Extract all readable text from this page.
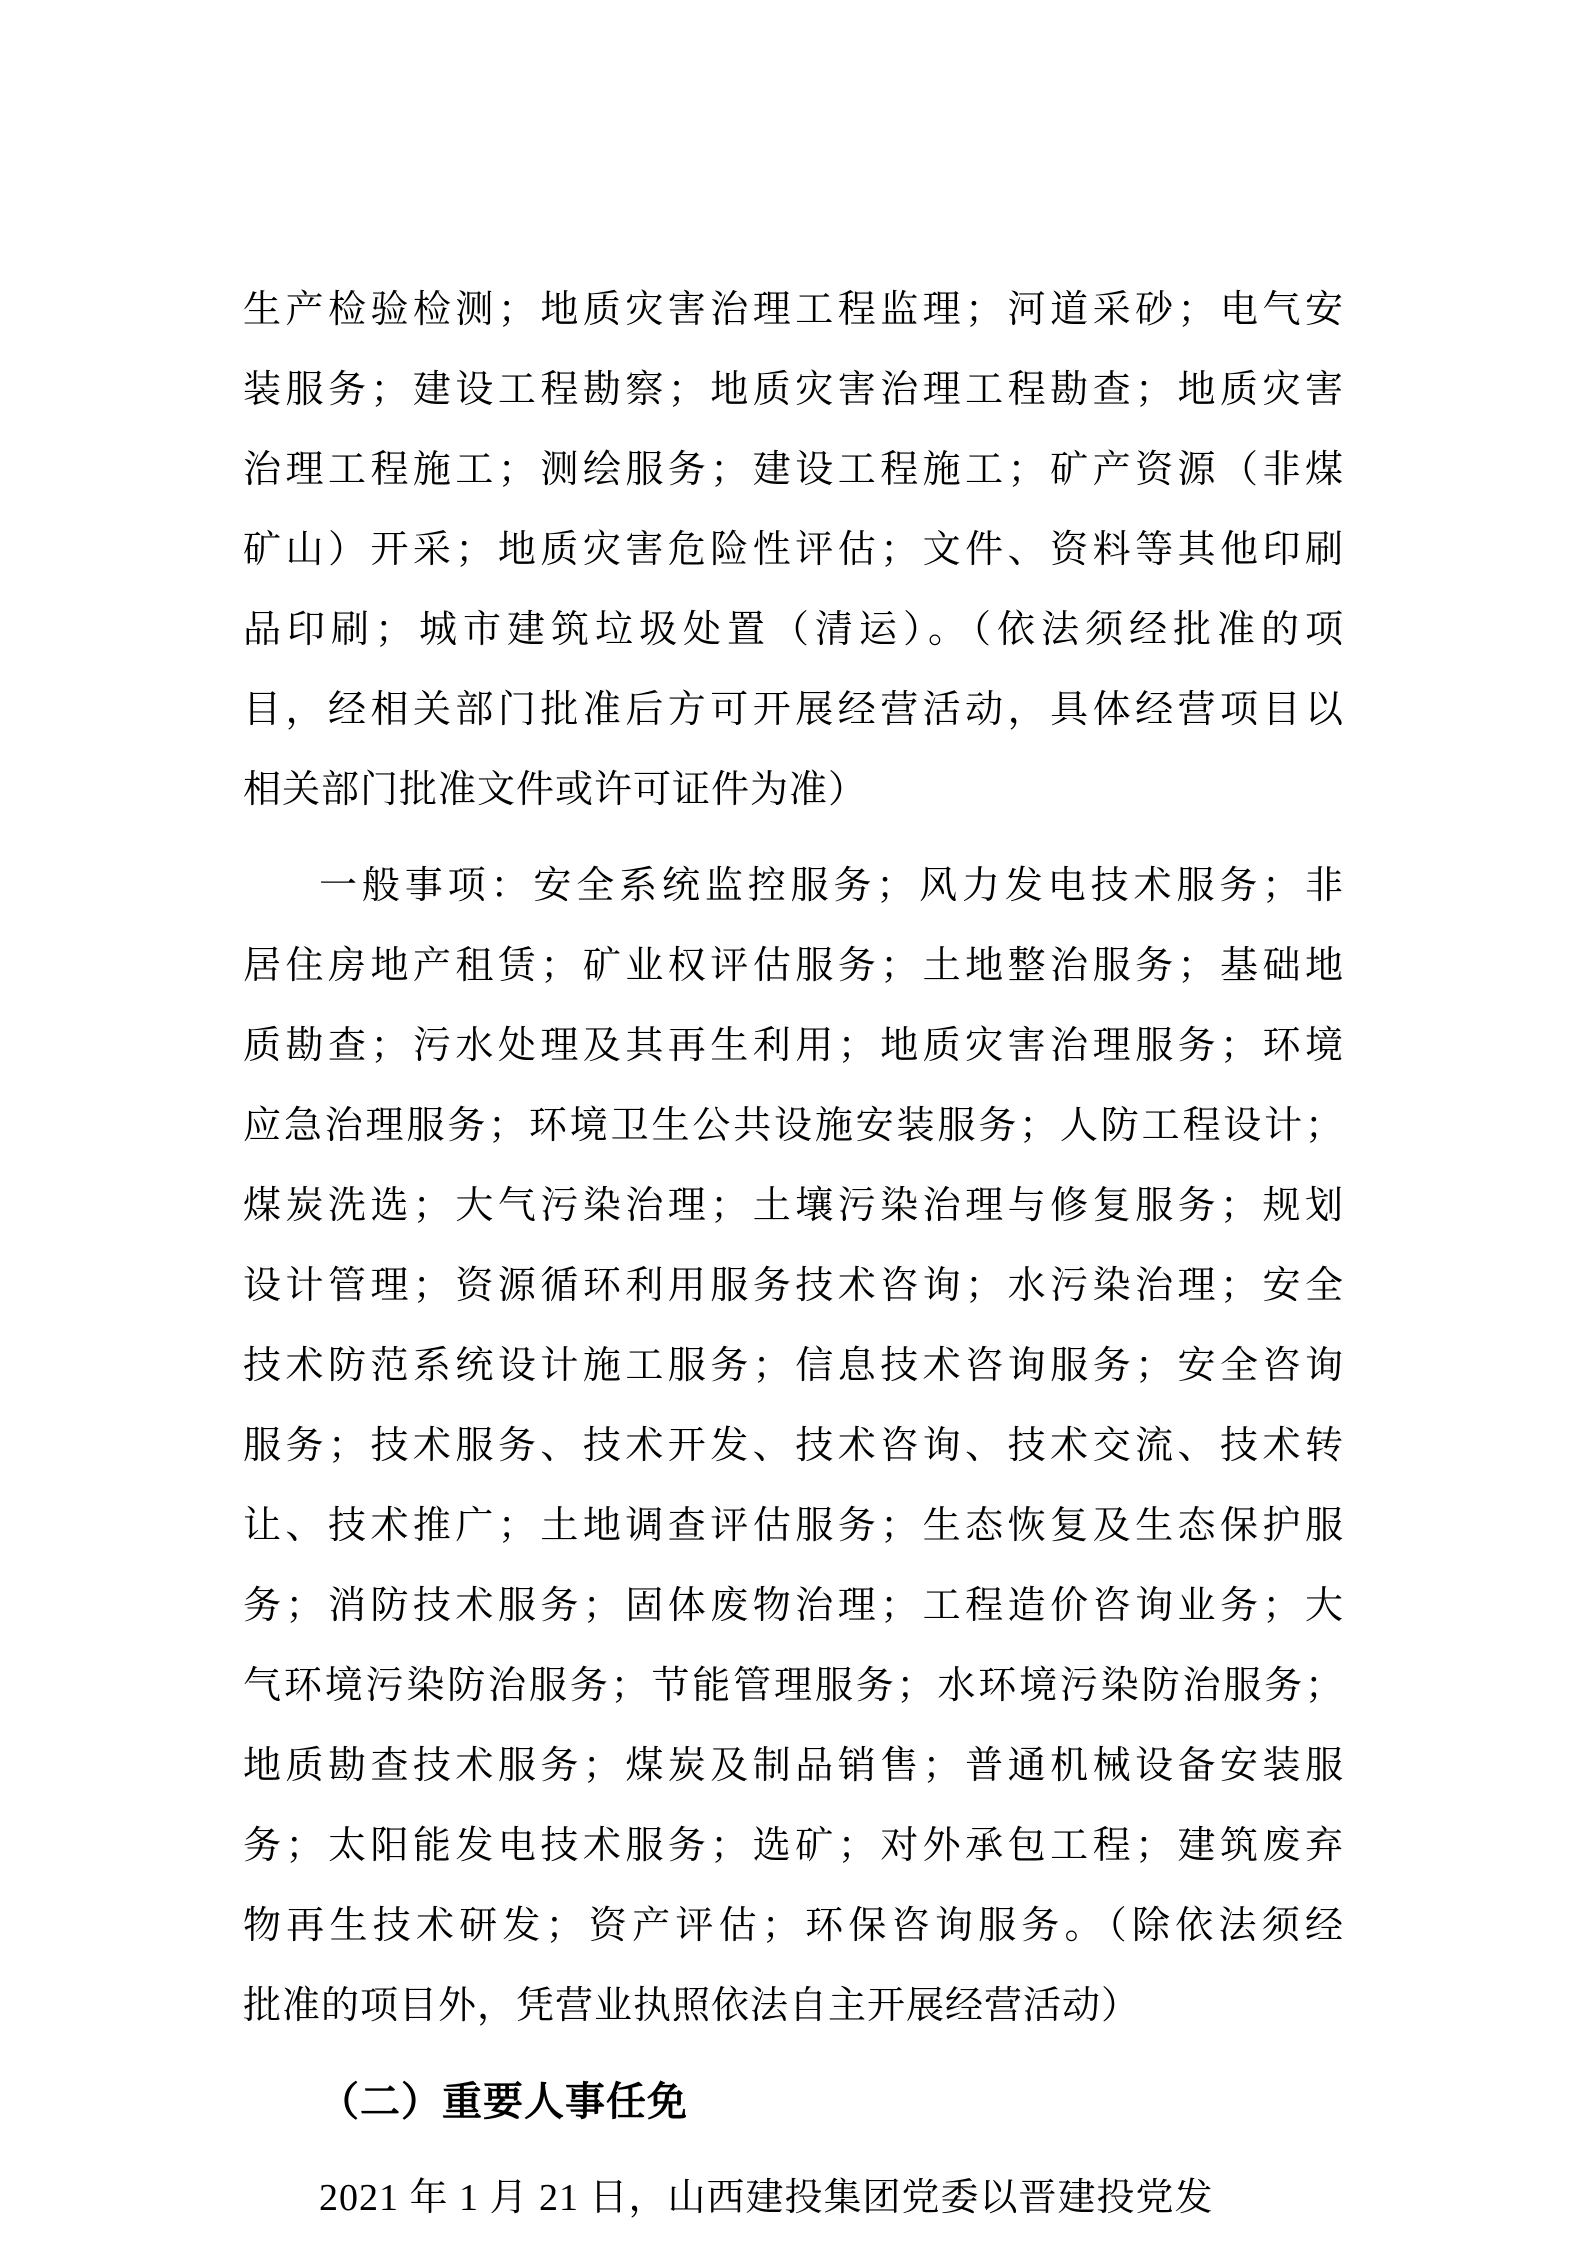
生产检验检测；地质灾害治理工程监理；河道采砂；电气安
装服务；建设工程勘察；地质灾害治理工程勘查；地质灾害
治理工程施工；测绘服务；建设工程施工；矿产资源（非煤
矿山）开采；地质灾害危险性评估；文件、资料等其他印刷
品印刷；城市建筑垃圾处置（清运）。（依法须经批准的项
目，经相关部门批准后方可开展经营活动，具体经营项目以
相关部门批准文件或许可证件为准）

一般事项：安全系统监控服务；风力发电技术服务；非
居住房地产租赁；矿业权评估服务；土地整治服务；基础地
质勘查；污水处理及其再生利用；地质灾害治理服务；环境
应急治理服务；环境卫生公共设施安装服务；人防工程设计；
煤炭洗选；大气污染治理；土壤污染治理与修复服务；规划
设计管理；资源循环利用服务技术咨询；水污染治理；安全
技术防范系统设计施工服务；信息技术咨询服务；安全咨询
服务；技术服务、技术开发、技术咨询、技术交流、技术转
让、技术推广；土地调查评估服务；生态恢复及生态保护服
务；消防技术服务；固体废物治理；工程造价咨询业务；大
气环境污染防治服务；节能管理服务；水环境污染防治服务；
地质勘查技术服务；煤炭及制品销售；普通机械设备安装服
务；太阳能发电技术服务；选矿；对外承包工程；建筑废弃
物再生技术研发；资产评估；环保咨询服务。（除依法须经
批准的项目外，凭营业执照依法自主开展经营活动）

（二）重要人事任免

2021 年 1 月 21 日，山西建投集团党委以晋建投党发
